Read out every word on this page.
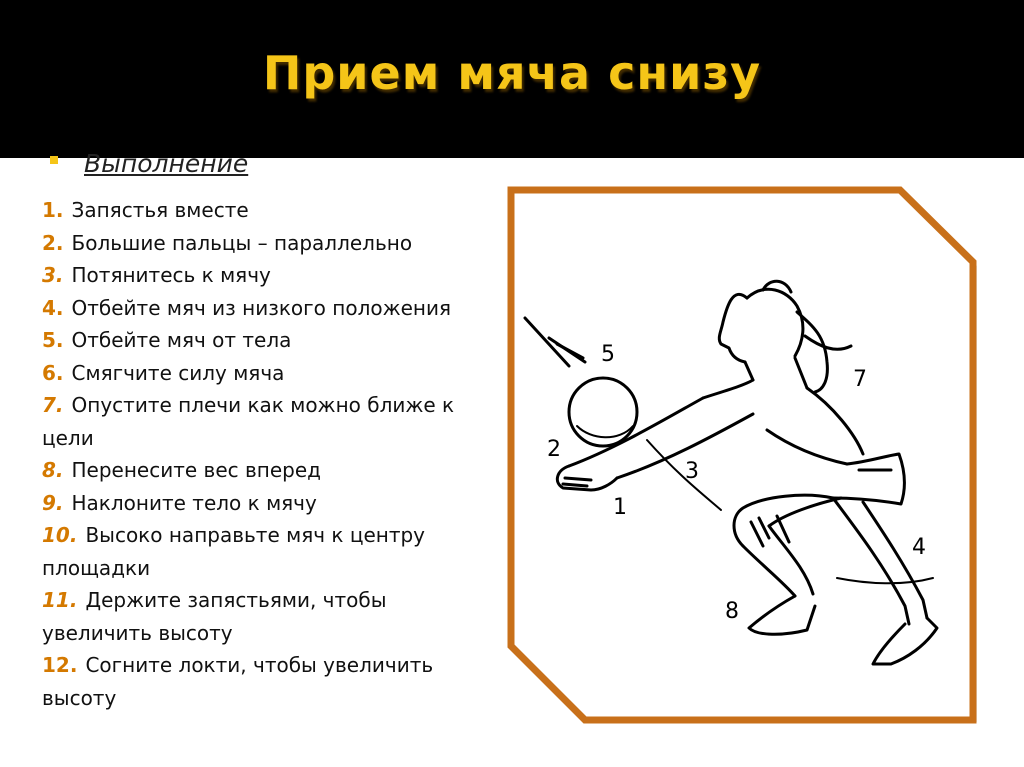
Прием мяча снизу
Выполнение
1. Запястья вместе
2. Большие пальцы – параллельно
3. Потянитесь к мячу
4. Отбейте мяч из низкого положения
5. Отбейте мяч от тела
6. Смягчите силу мяча
7. Опустите плечи как можно ближе к цели
8. Перенесите вес вперед
9. Наклоните тело к мячу
10. Высоко направьте мяч к центру площадки
11. Держите запястьями, чтобы увеличить высоту
12. Согните локти, чтобы увеличить высоту
5
7
2
3
1
4
8
